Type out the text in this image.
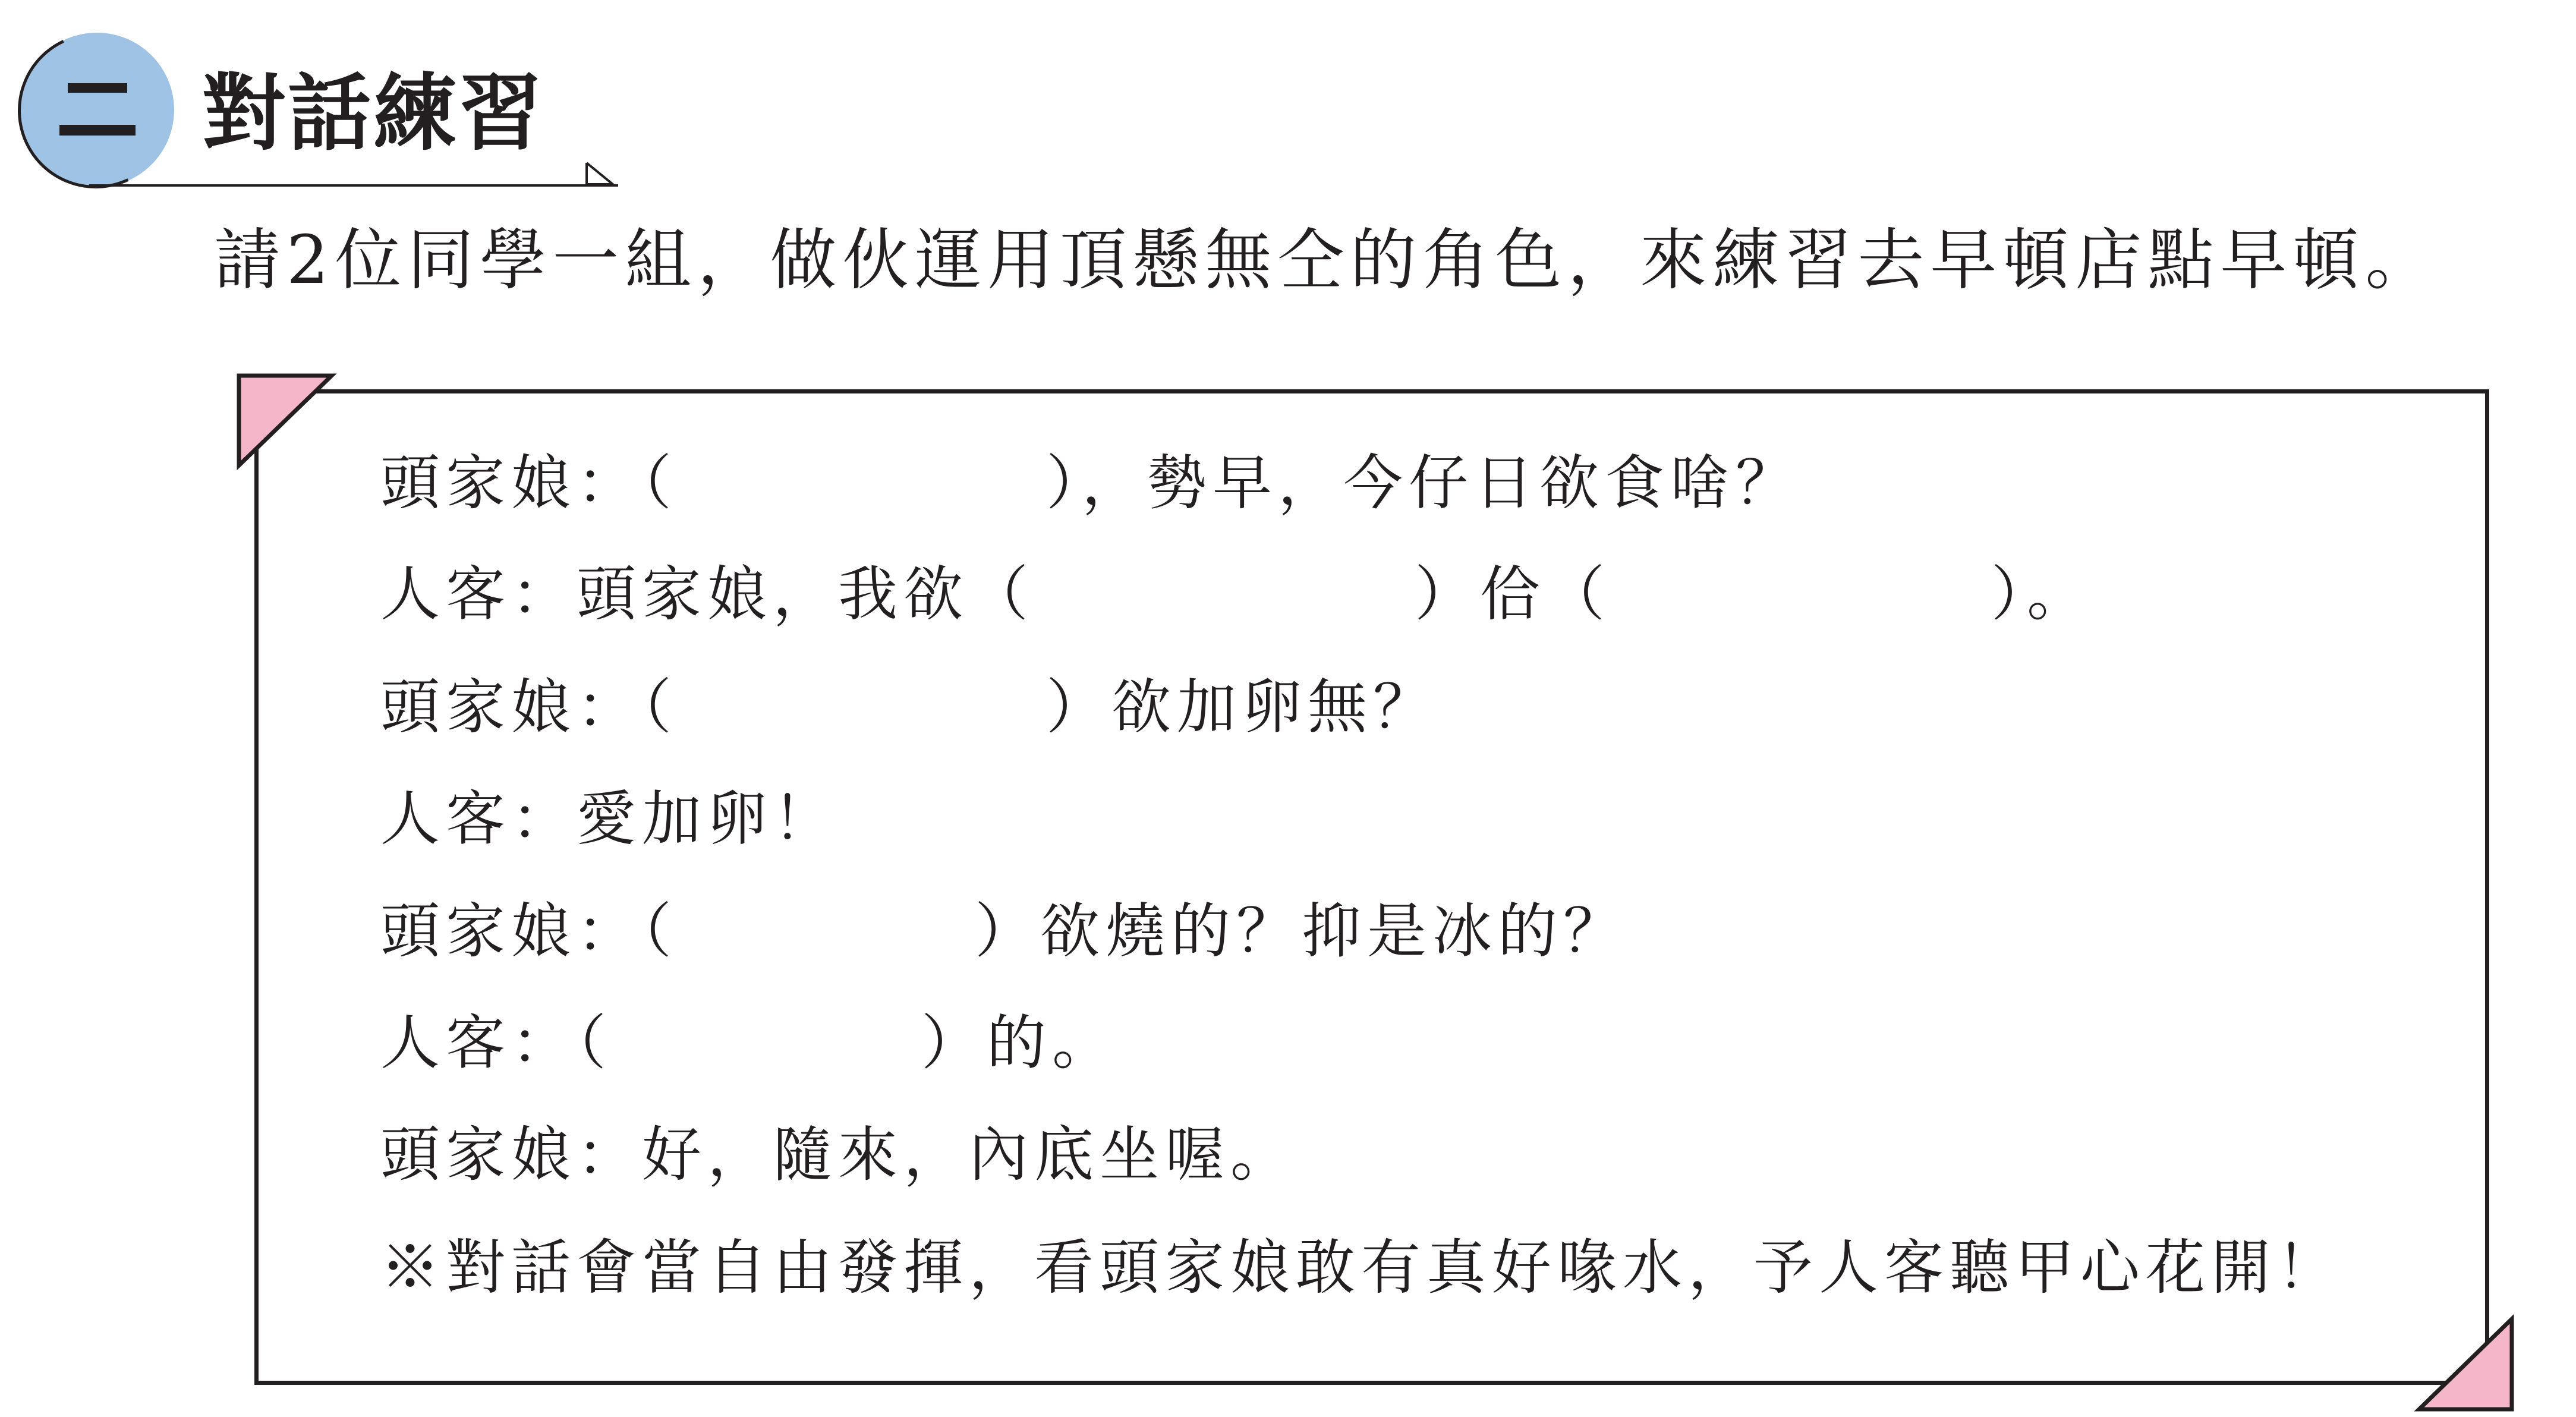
對話練習
請2位同學一組，做伙運用頂懸無仝的角色，來練習去早頓店點早頓。
頭家娘：（	），勢早，今仔日欲食啥？
人客：頭家娘，我欲（	）佮（	）。
頭家娘：（	）欲加卵無？
人客：愛加卵！
頭家娘：（	）欲燒的？抑是冰的？
人客：（	）的。
頭家娘：好，隨來，內底坐喔。
※對話會當自由發揮，看頭家娘敢有真好喙水，予人客聽甲心花開！
